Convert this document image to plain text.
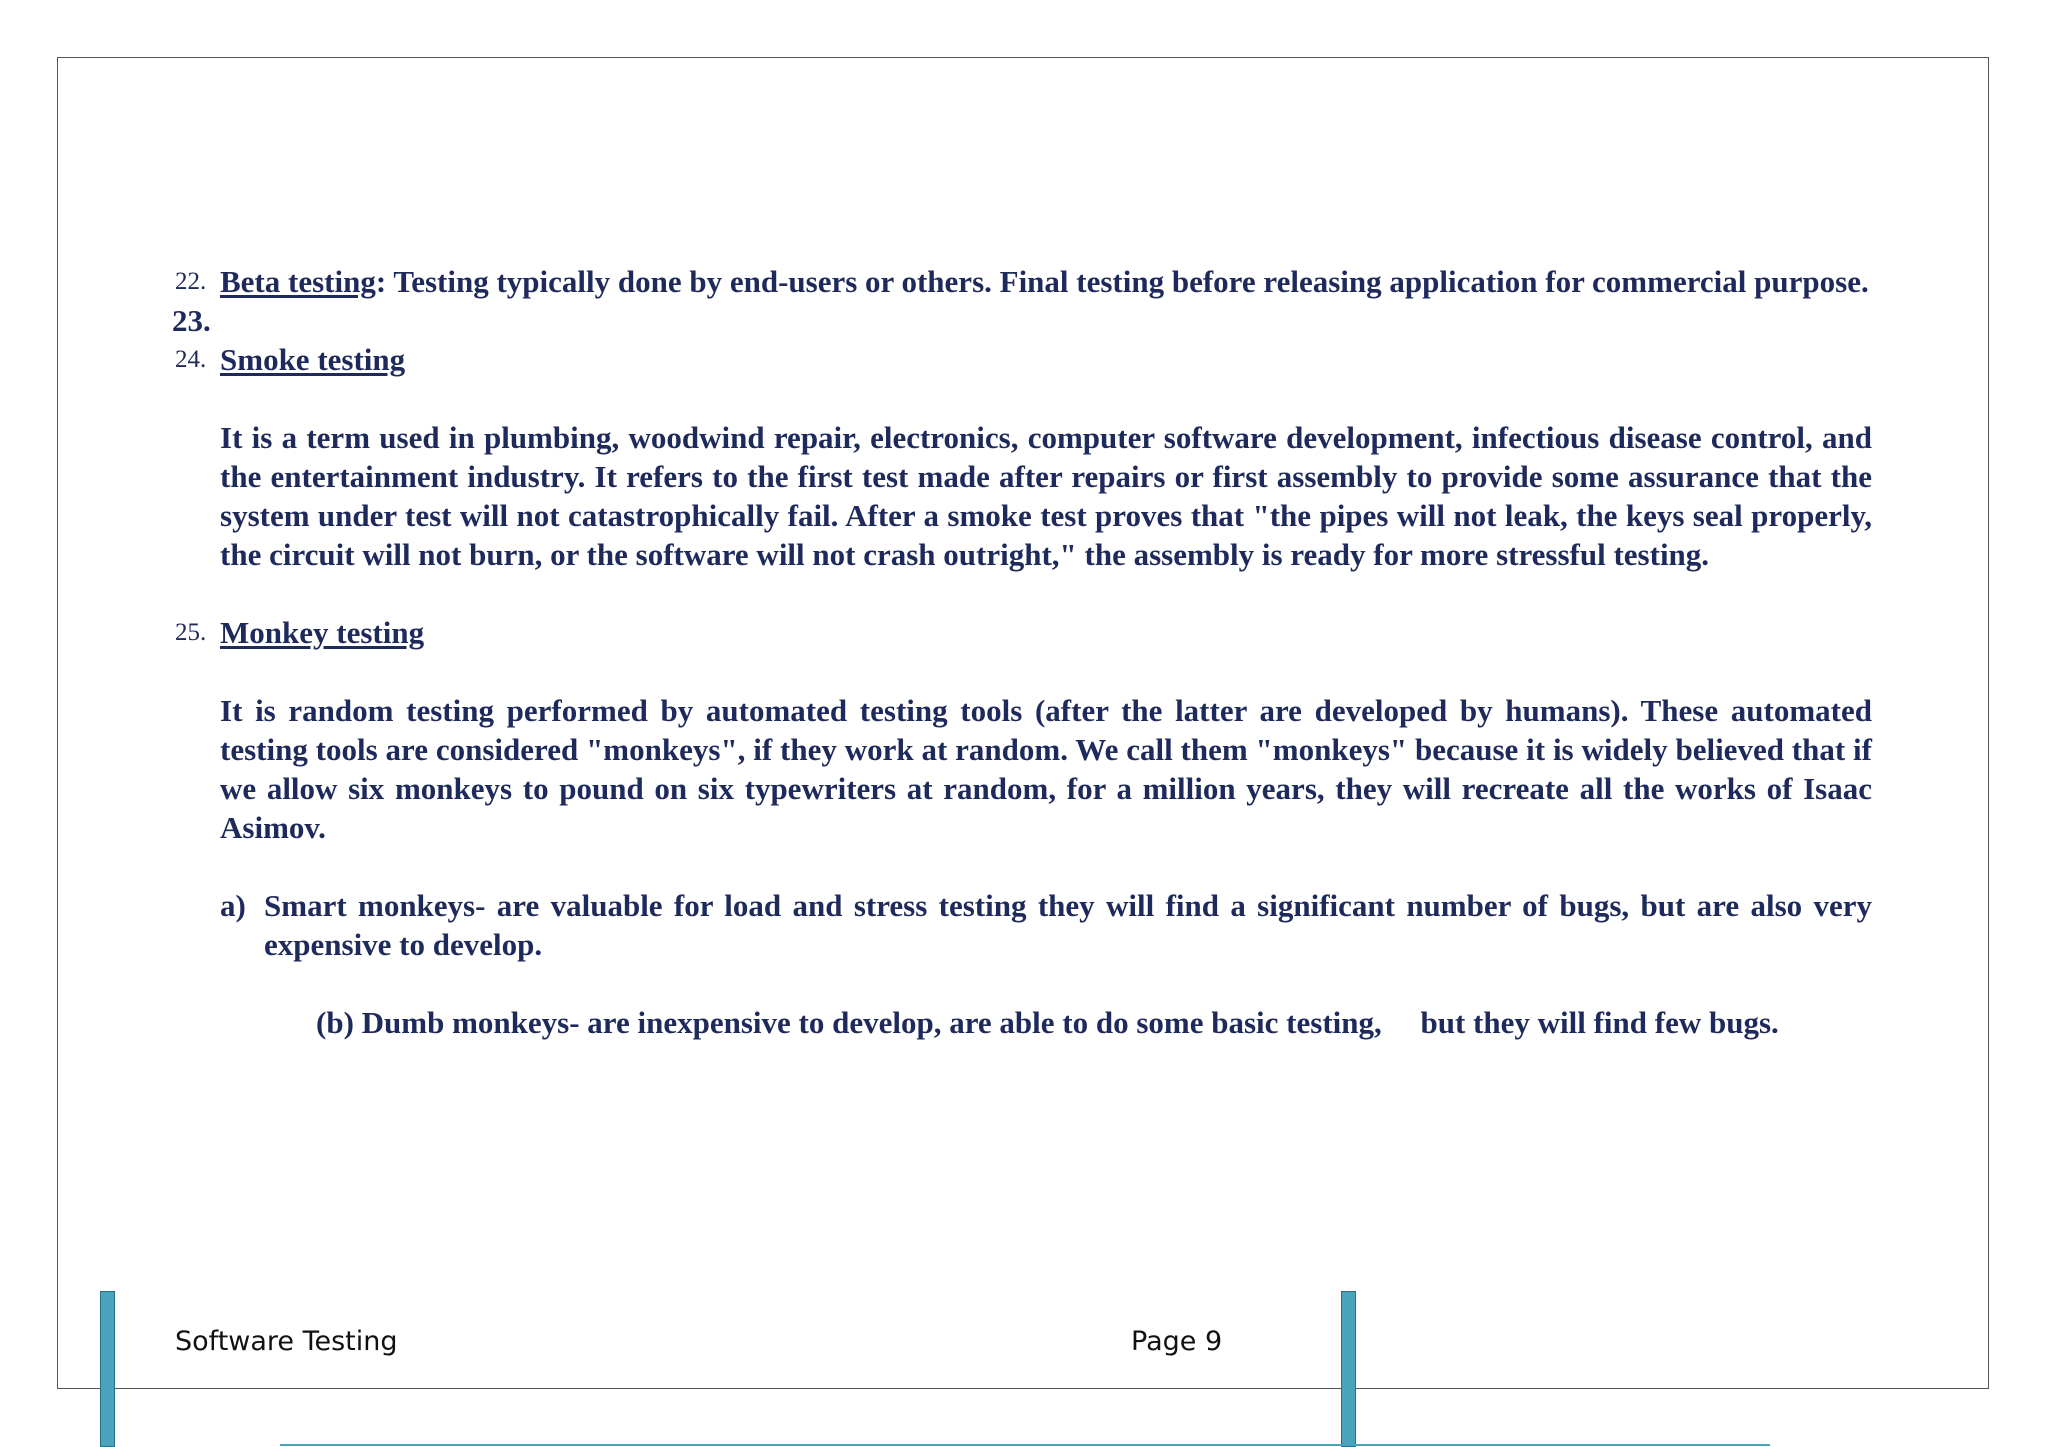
22. Beta testing: Testing typically done by end-users or others. Final testing before releasing application for commercial purpose.
23.

24. Smoke testing
It is a term used in plumbing, woodwind repair, electronics, computer software development, infectious disease control, and the entertainment industry. It refers to the first test made after repairs or first assembly to provide some assurance that the system under test will not catastrophically fail. After a smoke test proves that "the pipes will not leak, the keys seal properly, the circuit will not burn, or the software will not crash outright," the assembly is ready for more stressful testing.
25. Monkey testing
It is random testing performed by automated testing tools (after the latter are developed by humans). These automated testing tools are considered "monkeys", if they work at random. We call them "monkeys" because it is widely believed that if we allow six monkeys to pound on six typewriters at random, for a million years, they will recreate all the works of Isaac Asimov.
a) Smart monkeys- are valuable for load and stress testing they will find a significant number of bugs, but are also very expensive to develop.
(b) Dumb monkeys- are inexpensive to develop, are able to do some basic testing,     but they will find few bugs.
Software Testing	Page 9
